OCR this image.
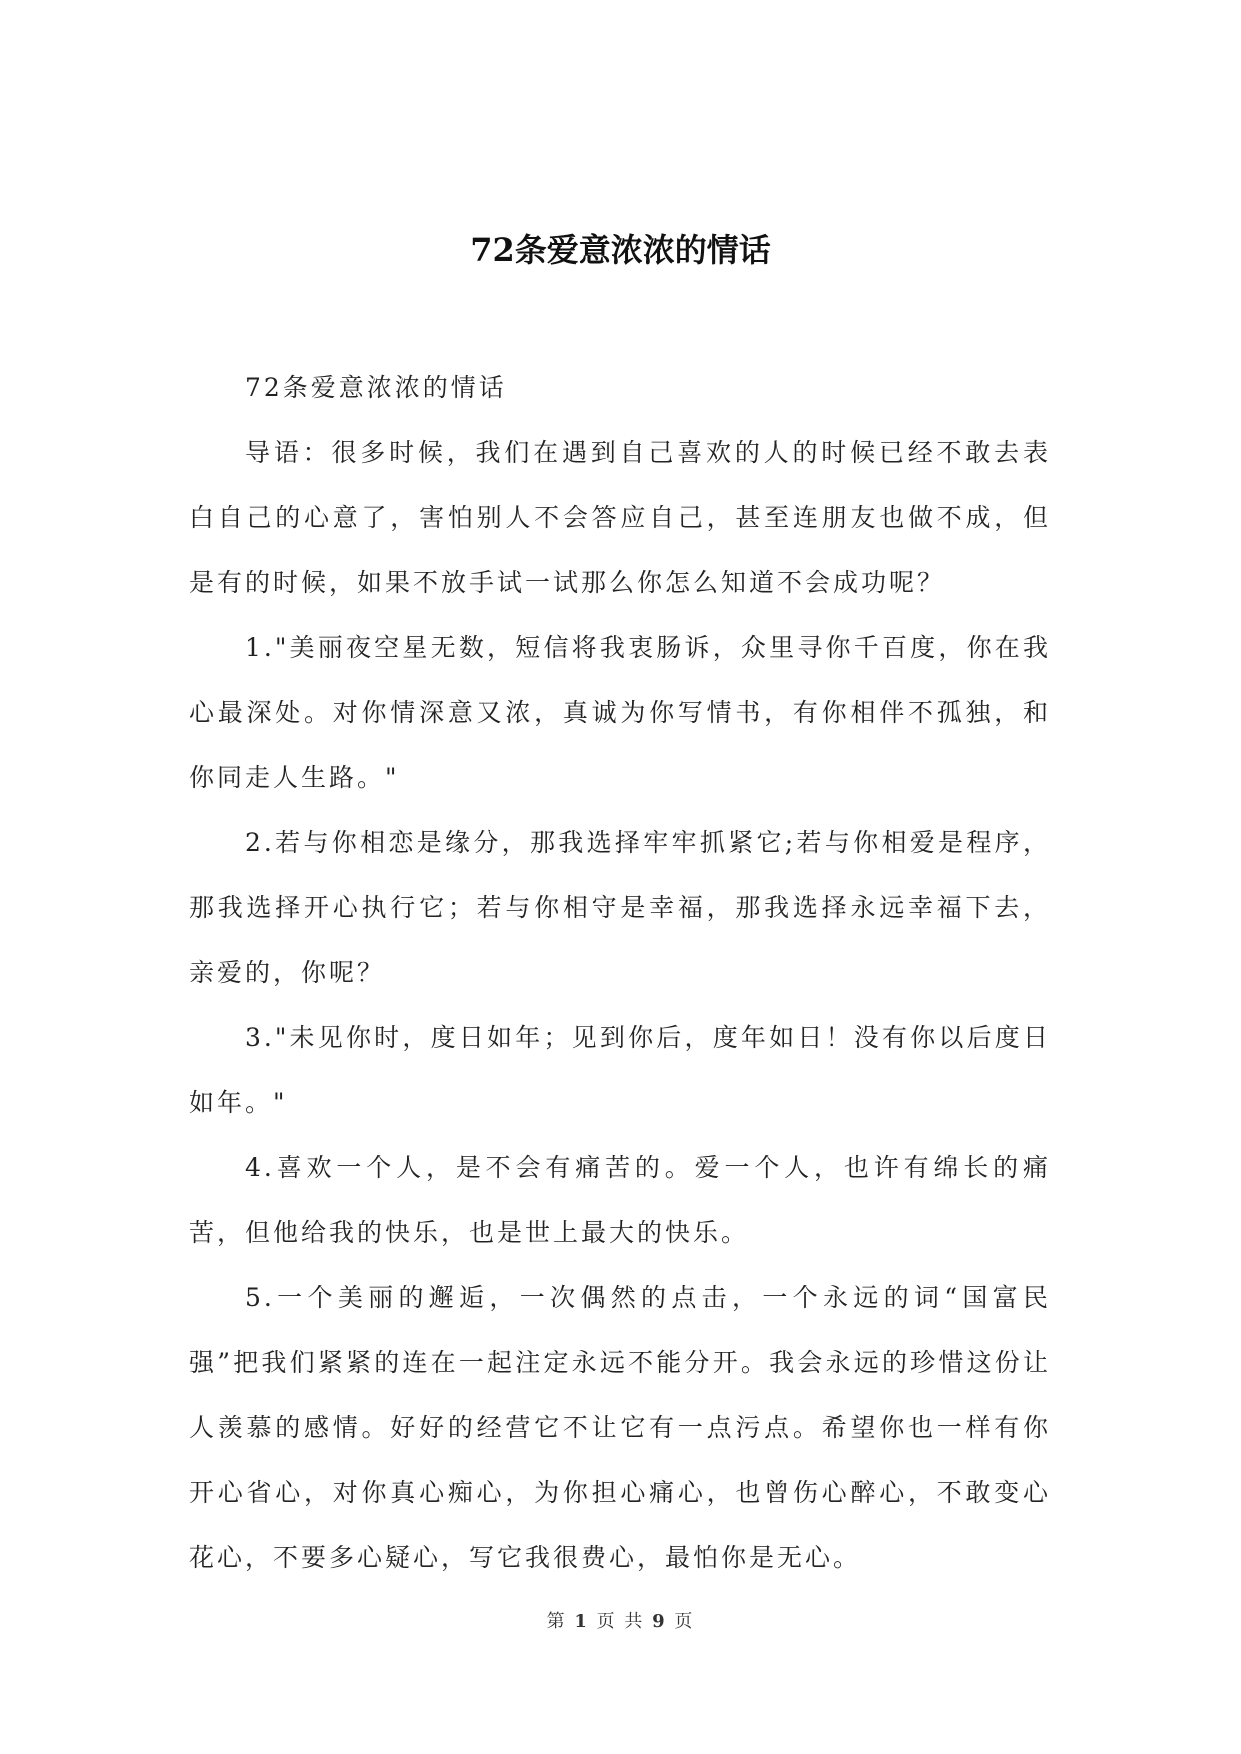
72条爱意浓浓的情话

72条爱意浓浓的情话

导语：很多时候，我们在遇到自己喜欢的人的时候已经不敢去表白自己的心意了，害怕别人不会答应自己，甚至连朋友也做不成，但是有的时候，如果不放手试一试那么你怎么知道不会成功呢？

1."美丽夜空星无数，短信将我衷肠诉，众里寻你千百度，你在我心最深处。对你情深意又浓，真诚为你写情书，有你相伴不孤独，和你同走人生路。"

2.若与你相恋是缘分，那我选择牢牢抓紧它;若与你相爱是程序，那我选择开心执行它；若与你相守是幸福，那我选择永远幸福下去，亲爱的，你呢？

3."未见你时，度日如年；见到你后，度年如日！没有你以后度日如年。"

4.喜欢一个人，是不会有痛苦的。爱一个人，也许有绵长的痛苦，但他给我的快乐，也是世上最大的快乐。

5.一个美丽的邂逅，一次偶然的点击，一个永远的词“国富民强”把我们紧紧的连在一起注定永远不能分开。我会永远的珍惜这份让人羡慕的感情。好好的经营它不让它有一点污点。希望你也一样有你开心省心，对你真心痴心，为你担心痛心，也曾伤心醉心，不敢变心花心，不要多心疑心，写它我很费心，最怕你是无心。

第 1 页 共 9 页
